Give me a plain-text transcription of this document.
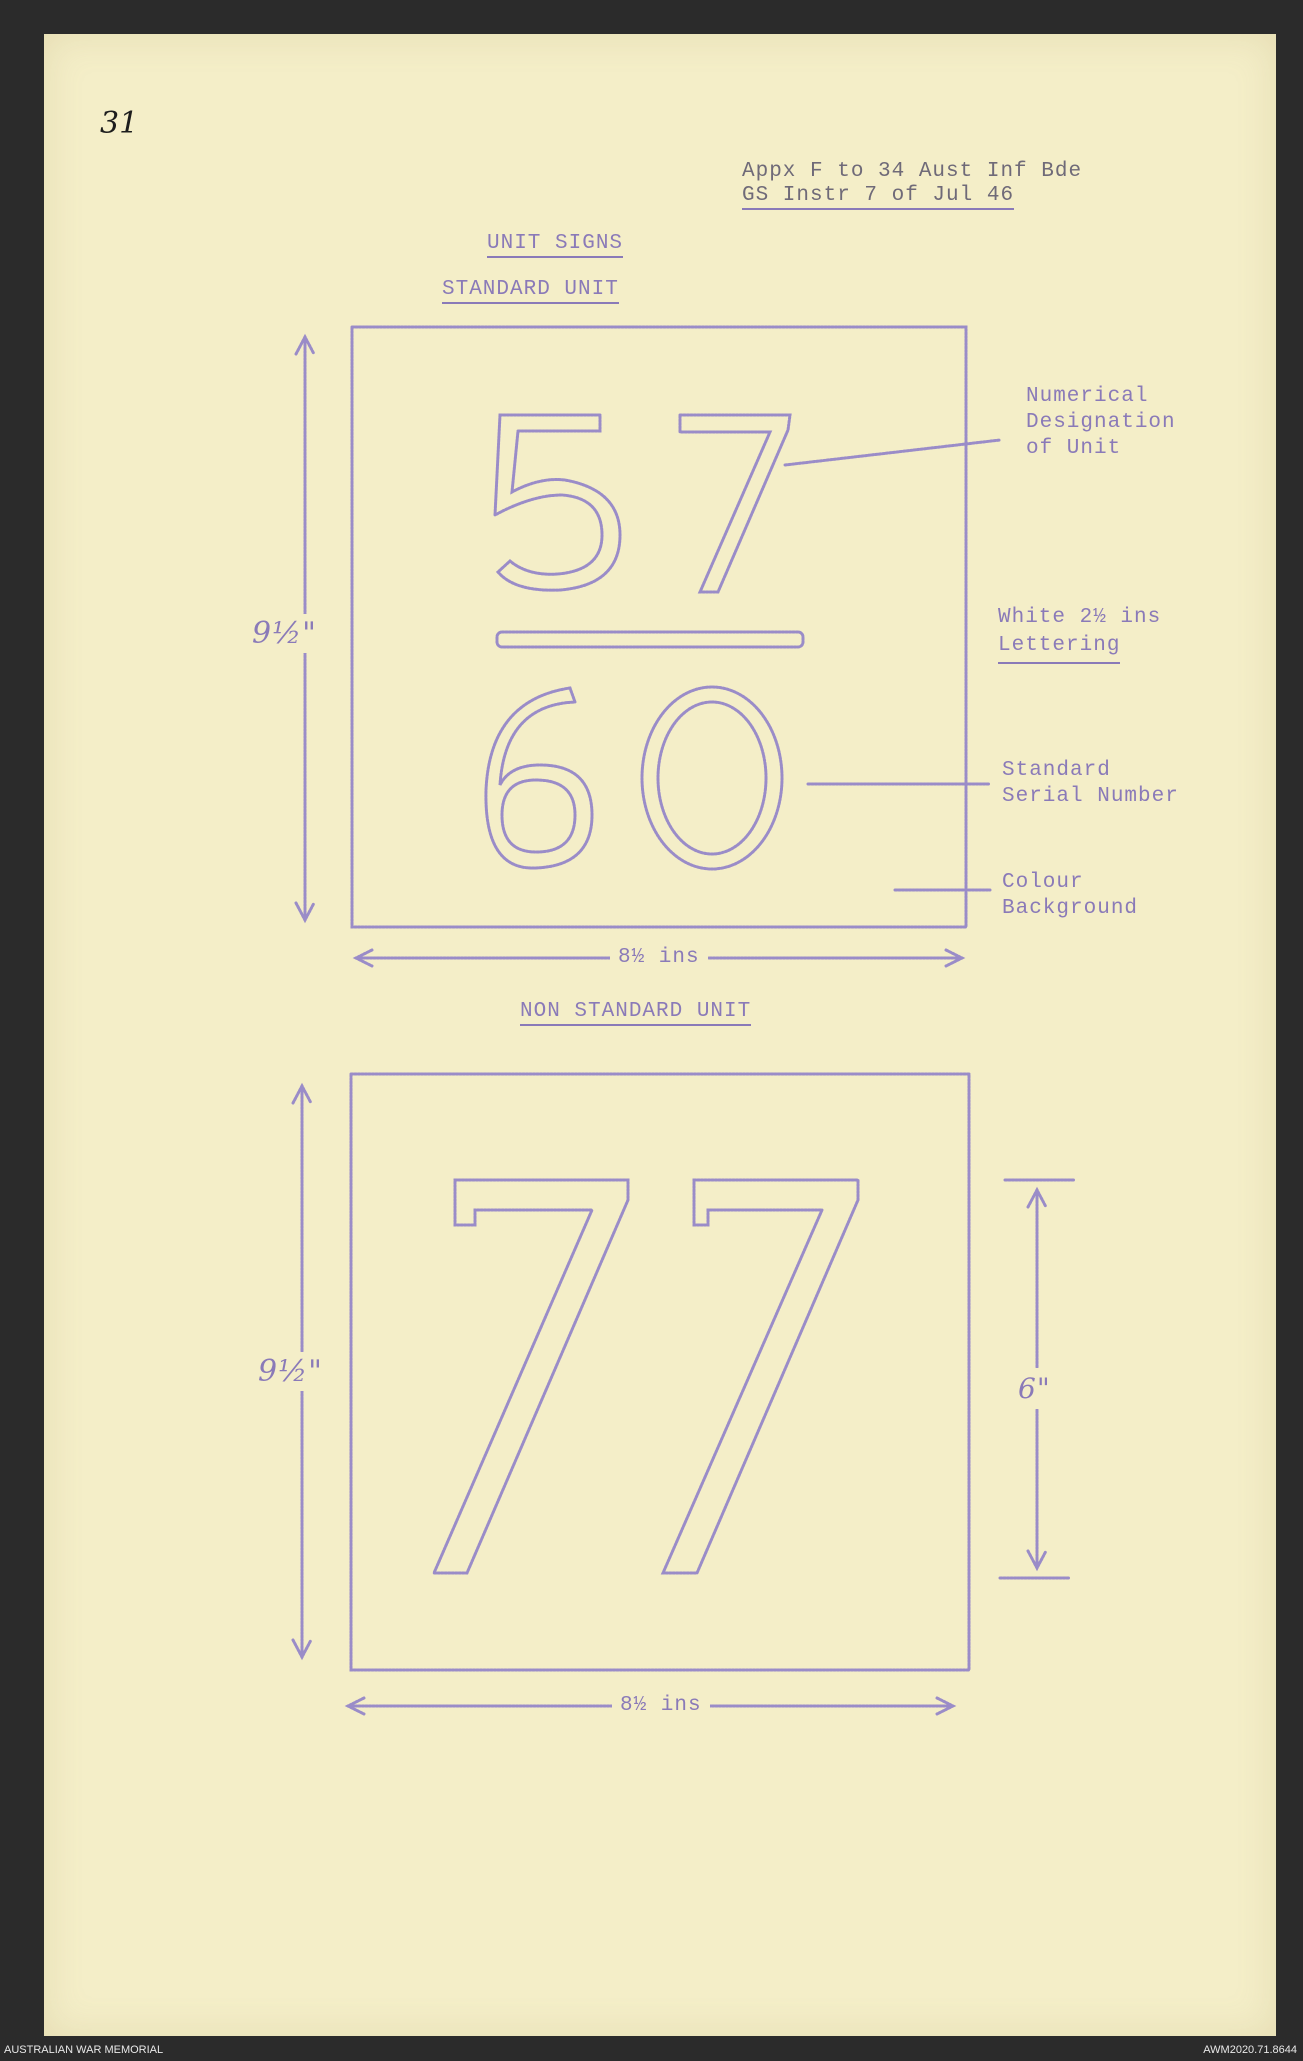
31
Appx F to 34 Aust Inf Bde
GS Instr 7 of Jul 46
UNIT SIGNS
STANDARD UNIT
9½"
8½ ins
Numerical
Designation
of Unit
White 2½ ins
Lettering
Standard
Serial Number
Colour
Background
NON STANDARD UNIT
9½"
8½ ins
6"
AUSTRALIAN WAR MEMORIAL	AWM2020.71.8644
